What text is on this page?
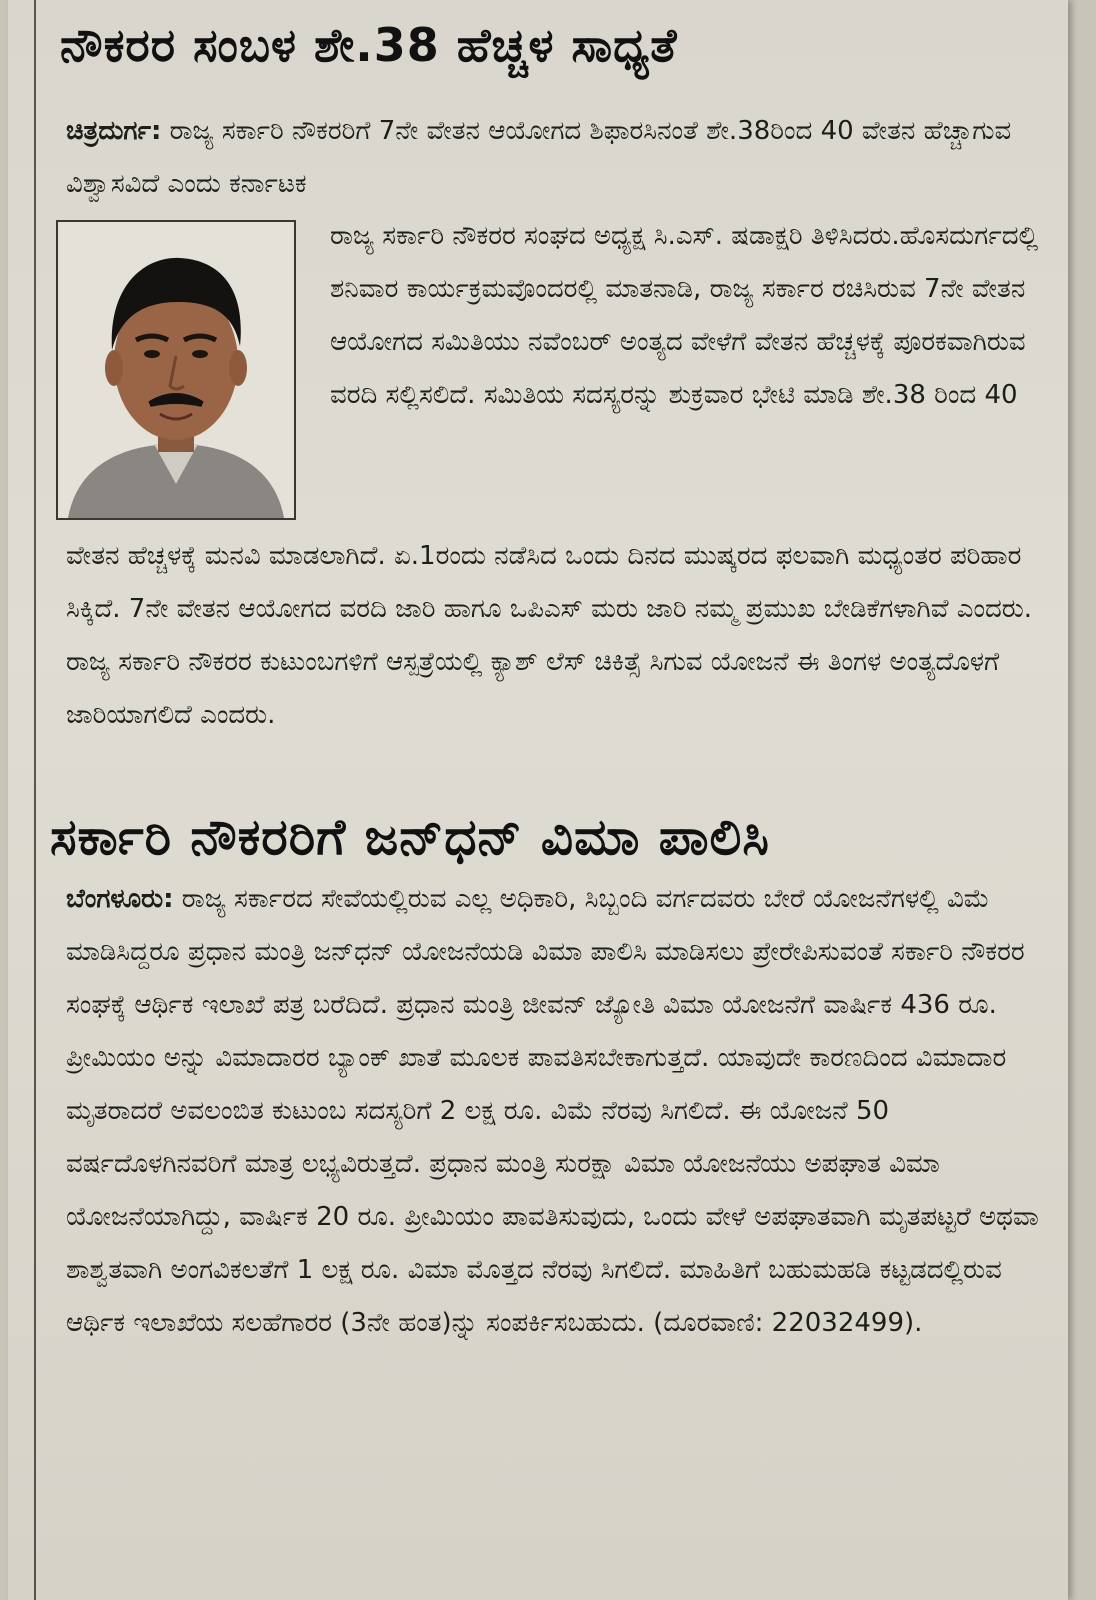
ನೌಕರರ ಸಂಬಳ ಶೇ.38 ಹೆಚ್ಚಳ ಸಾಧ್ಯತೆ

ಚಿತ್ರದುರ್ಗ: ರಾಜ್ಯ ಸರ್ಕಾರಿ ನೌಕರರಿಗೆ 7ನೇ ವೇತನ ಆಯೋಗದ ಶಿಫಾರಸಿನಂತೆ ಶೇ.38ರಿಂದ 40 ವೇತನ ಹೆಚ್ಚಾಗುವ ವಿಶ್ವಾಸವಿದೆ ಎಂದು ಕರ್ನಾಟಕ

ರಾಜ್ಯ ಸರ್ಕಾರಿ ನೌಕರರ ಸಂಘದ ಅಧ್ಯಕ್ಷ ಸಿ.ಎಸ್. ಷಡಾಕ್ಷರಿ ತಿಳಿಸಿದರು.ಹೊಸದುರ್ಗದಲ್ಲಿ ಶನಿವಾರ ಕಾರ್ಯಕ್ರಮವೊಂದರಲ್ಲಿ ಮಾತನಾಡಿ, ರಾಜ್ಯ ಸರ್ಕಾರ ರಚಿಸಿರುವ 7ನೇ ವೇತನ ಆಯೋಗದ ಸಮಿತಿಯು ನವೆಂಬರ್ ಅಂತ್ಯದ ವೇಳೆಗೆ ವೇತನ ಹೆಚ್ಚಳಕ್ಕೆ ಪೂರಕವಾಗಿರುವ ವರದಿ ಸಲ್ಲಿಸಲಿದೆ. ಸಮಿತಿಯ ಸದಸ್ಯರನ್ನು ಶುಕ್ರವಾರ ಭೇಟಿ ಮಾಡಿ ಶೇ.38 ರಿಂದ 40

ವೇತನ ಹೆಚ್ಚಳಕ್ಕೆ ಮನವಿ ಮಾಡಲಾಗಿದೆ. ಏ.1ರಂದು ನಡೆಸಿದ ಒಂದು ದಿನದ ಮುಷ್ಕರದ ಫಲವಾಗಿ ಮಧ್ಯಂತರ ಪರಿಹಾರ ಸಿಕ್ಕಿದೆ. 7ನೇ ವೇತನ ಆಯೋಗದ ವರದಿ ಜಾರಿ ಹಾಗೂ ಒಪಿಎಸ್ ಮರು ಜಾರಿ ನಮ್ಮ ಪ್ರಮುಖ ಬೇಡಿಕೆಗಳಾಗಿವೆ ಎಂದರು. ರಾಜ್ಯ ಸರ್ಕಾರಿ ನೌಕರರ ಕುಟುಂಬಗಳಿಗೆ ಆಸ್ಪತ್ರೆಯಲ್ಲಿ ಕ್ಯಾಶ್ ಲೆಸ್ ಚಿಕಿತ್ಸೆ ಸಿಗುವ ಯೋಜನೆ ಈ ತಿಂಗಳ ಅಂತ್ಯದೊಳಗೆ ಜಾರಿಯಾಗಲಿದೆ ಎಂದರು.

ಸರ್ಕಾರಿ ನೌಕರರಿಗೆ ಜನ್‌ಧನ್ ವಿಮಾ ಪಾಲಿಸಿ

ಬೆಂಗಳೂರು: ರಾಜ್ಯ ಸರ್ಕಾರದ ಸೇವೆಯಲ್ಲಿರುವ ಎಲ್ಲ ಅಧಿಕಾರಿ, ಸಿಬ್ಬಂದಿ ವರ್ಗದವರು ಬೇರೆ ಯೋಜನೆಗಳಲ್ಲಿ ವಿಮೆ ಮಾಡಿಸಿದ್ದರೂ ಪ್ರಧಾನ ಮಂತ್ರಿ ಜನ್‌ಧನ್ ಯೋಜನೆಯಡಿ ವಿಮಾ ಪಾಲಿಸಿ ಮಾಡಿಸಲು ಪ್ರೇರೇಪಿಸುವಂತೆ ಸರ್ಕಾರಿ ನೌಕರರ ಸಂಘಕ್ಕೆ ಆರ್ಥಿಕ ಇಲಾಖೆ ಪತ್ರ ಬರೆದಿದೆ. ಪ್ರಧಾನ ಮಂತ್ರಿ ಜೀವನ್ ಜ್ಯೋತಿ ವಿಮಾ ಯೋಜನೆಗೆ ವಾರ್ಷಿಕ 436 ರೂ. ಪ್ರೀಮಿಯಂ ಅನ್ನು ವಿಮಾದಾರರ ಬ್ಯಾಂಕ್ ಖಾತೆ ಮೂಲಕ ಪಾವತಿಸಬೇಕಾಗುತ್ತದೆ. ಯಾವುದೇ ಕಾರಣದಿಂದ ವಿಮಾದಾರ ಮೃತರಾದರೆ ಅವಲಂಬಿತ ಕುಟುಂಬ ಸದಸ್ಯರಿಗೆ 2 ಲಕ್ಷ ರೂ. ವಿಮೆ ನೆರವು ಸಿಗಲಿದೆ. ಈ ಯೋಜನೆ 50 ವರ್ಷದೊಳಗಿನವರಿಗೆ ಮಾತ್ರ ಲಭ್ಯವಿರುತ್ತದೆ. ಪ್ರಧಾನ ಮಂತ್ರಿ ಸುರಕ್ಷಾ ವಿಮಾ ಯೋಜನೆಯು ಅಪಘಾತ ವಿಮಾ ಯೋಜನೆಯಾಗಿದ್ದು, ವಾರ್ಷಿಕ 20 ರೂ. ಪ್ರೀಮಿಯಂ ಪಾವತಿಸುವುದು, ಒಂದು ವೇಳೆ ಅಪಘಾತವಾಗಿ ಮೃತಪಟ್ಟರೆ ಅಥವಾ ಶಾಶ್ವತವಾಗಿ ಅಂಗವಿಕಲತೆಗೆ 1 ಲಕ್ಷ ರೂ. ವಿಮಾ ಮೊತ್ತದ ನೆರವು ಸಿಗಲಿದೆ. ಮಾಹಿತಿಗೆ ಬಹುಮಹಡಿ ಕಟ್ಟಡದಲ್ಲಿರುವ ಆರ್ಥಿಕ ಇಲಾಖೆಯ ಸಲಹೆಗಾರರ (3ನೇ ಹಂತ)ನ್ನು ಸಂಪರ್ಕಿಸಬಹುದು. (ದೂರವಾಣಿ: 22032499).
